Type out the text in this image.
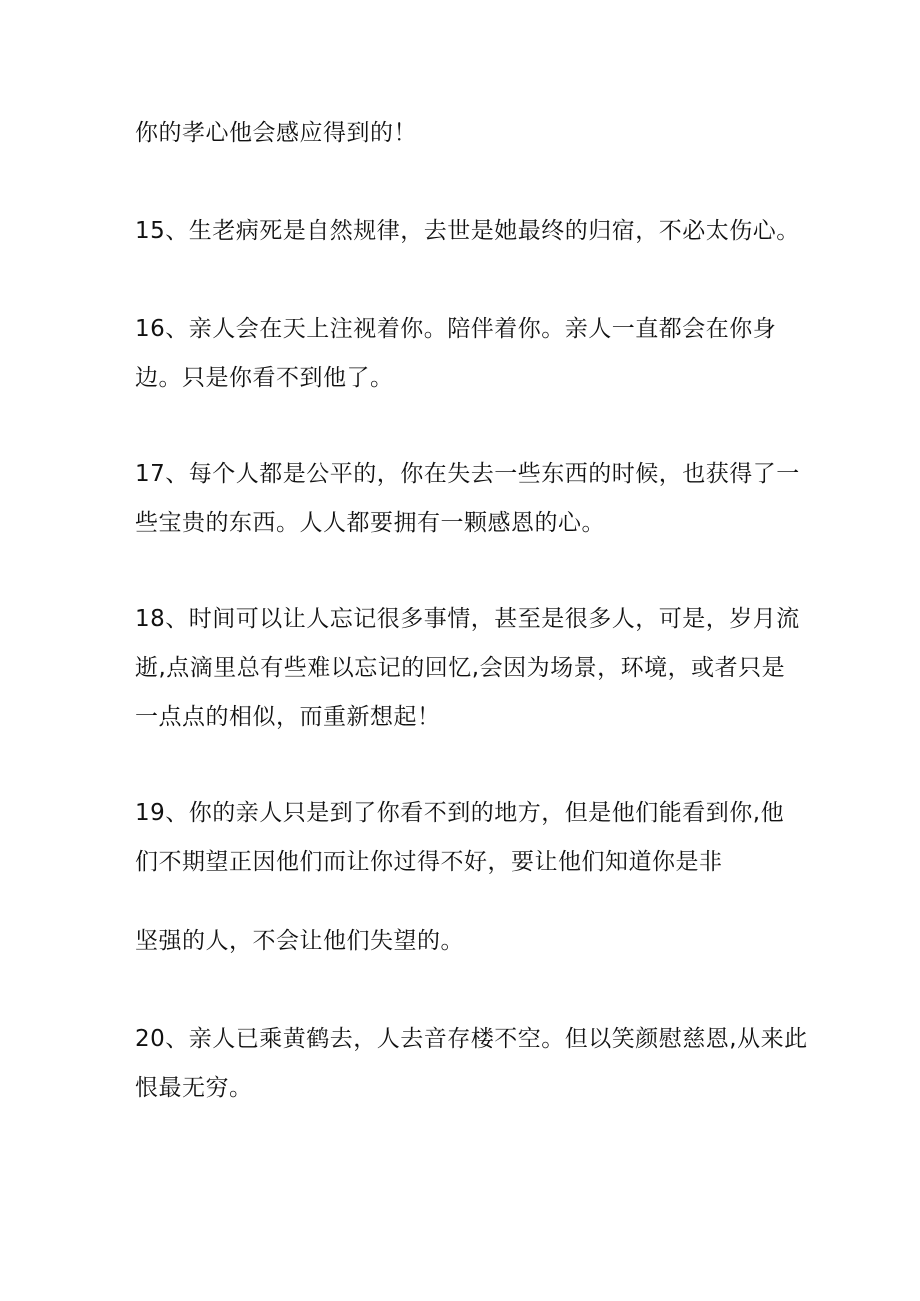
你的孝心他会感应得到的！
15、生老病死是自然规律，去世是她最终的归宿，不必太伤心。
16、亲人会在天上注视着你。陪伴着你。亲人一直都会在你身
边。只是你看不到他了。
17、每个人都是公平的，你在失去一些东西的时候，也获得了一
些宝贵的东西。人人都要拥有一颗感恩的心。
18、时间可以让人忘记很多事情，甚至是很多人，可是，岁月流
逝,点滴里总有些难以忘记的回忆,会因为场景，环境，或者只是
一点点的相似，而重新想起！
19、你的亲人只是到了你看不到的地方，但是他们能看到你,他
们不期望正因他们而让你过得不好，要让他们知道你是非
坚强的人，不会让他们失望的。
20、亲人已乘黄鹤去，人去音存楼不空。但以笑颜慰慈恩,从来此
恨最无穷。
